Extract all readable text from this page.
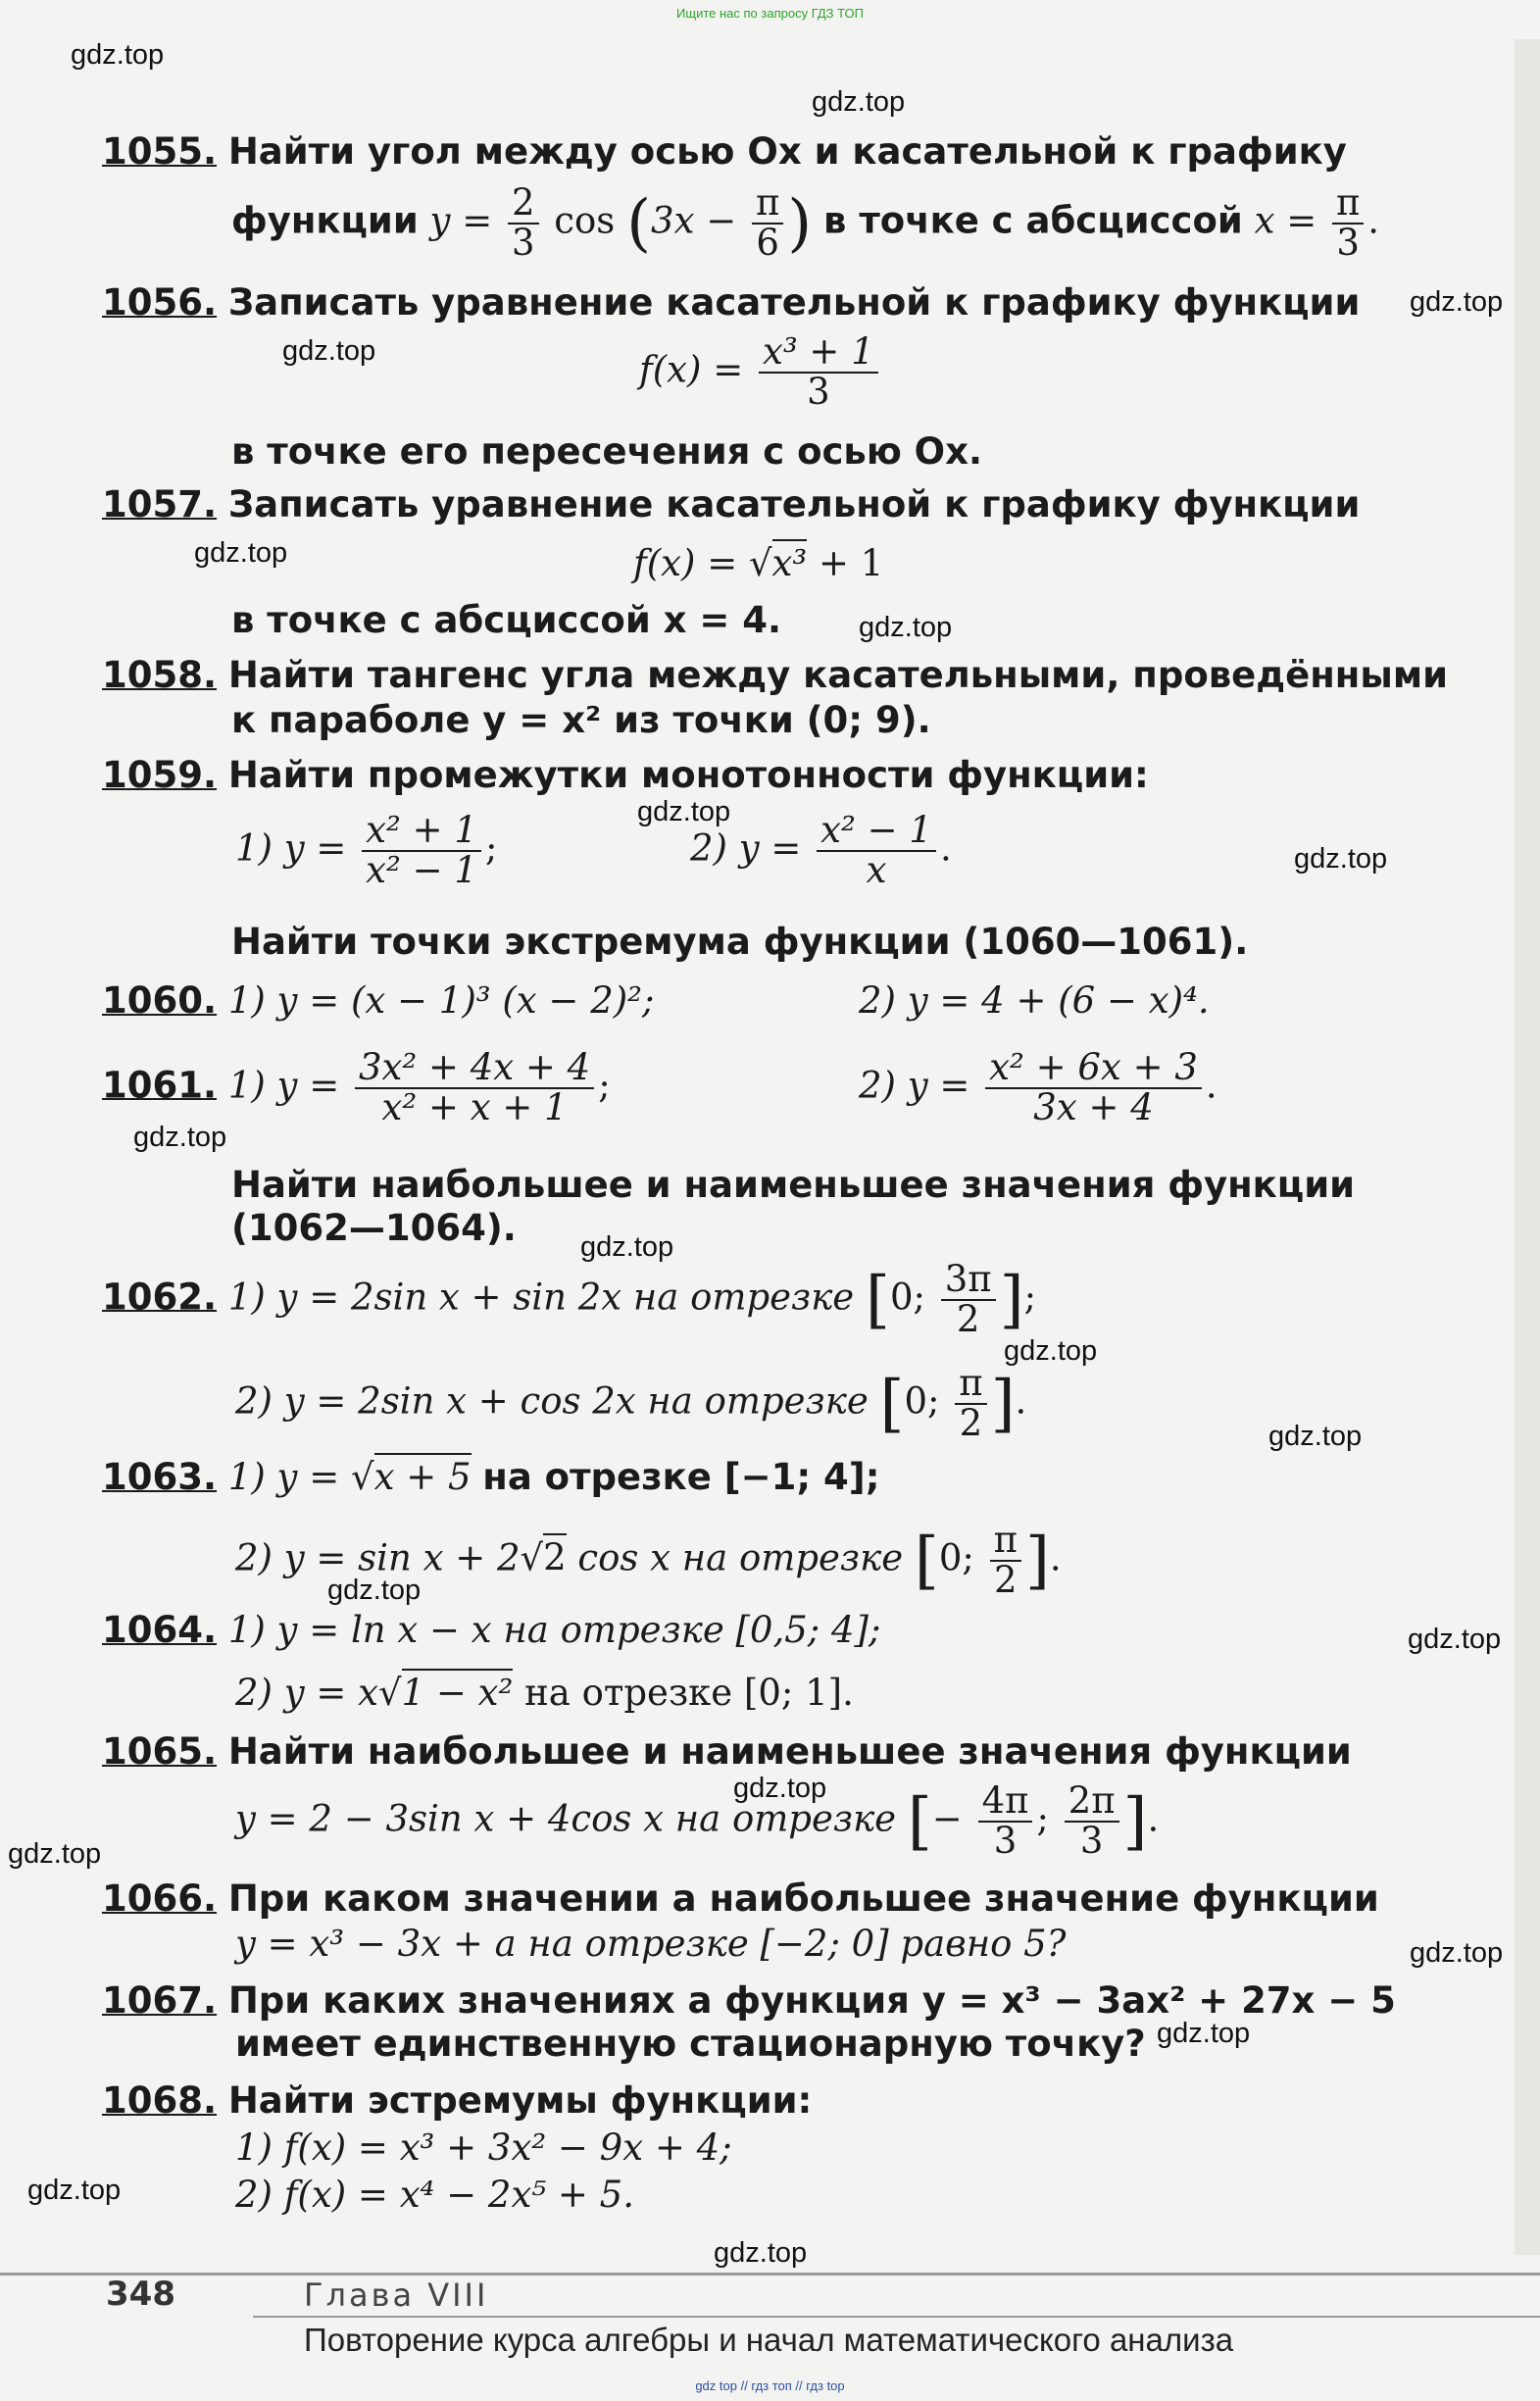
Ищите нас по запросу ГДЗ ТОП
gdz.top
gdz.top
gdz.top
gdz.top
gdz.top
gdz.top
gdz.top
gdz.top
gdz.top
gdz.top
gdz.top
gdz.top
gdz.top
gdz.top
gdz.top
gdz.top
gdz.top
gdz.top
gdz.top
gdz.top
1055. Найти угол между осью Ox и касательной к графику
функции $y = \frac{2}{3}$ $\cos (3x - \frac{\pi}{6}$ ) в точке с абсциссой $x = \frac{\pi}{3}$ .
1056. Записать уравнение касательной к графику функции
$f(x) = \frac{\text{x³ + 1}}{3}$
в точке его пересечения с осью Ox.
1057. Записать уравнение касательной к графику функции
f(x) = √x³ + 1
в точке с абсциссой x = 4.
1058. Найти тангенс угла между касательными, проведёнными
к параболе y = x² из точки (0; 9).
1059. Найти промежутки монотонности функции:
1) $y = \frac{\text{x² + 1}}{\text{x² − 1}}$ ;	2) $y = \frac{\text{x² − 1}}{x}$ .
Найти точки экстремума функции (1060—1061).
1060. 1) y = (x − 1)³ (x − 2)²;	2) y = 4 + (6 − x)⁴.
1061. 1) $y = \frac{\text{3x² + 4x + 4}}{\text{x² + x + 1}}$ ;	2) $y = \frac{\text{x² + 6x + 3}}{3x + 4}$ .
Найти наибольшее и наименьшее значения функции
(1062—1064).
1062. 1) y = 2sin x + sin 2x на отрезке [0; $\frac{3\pi}{2}$ ];
2) y = 2sin x + cos 2x на отрезке [0; $\frac{\pi}{2}$ ].
1063. 1) y = √x + 5 на отрезке [−1; 4];
2) y = sin x + 2√2 cos x на отрезке [0; $\frac{\pi}{2}$ ].
1064. 1) y = ln x − x на отрезке [0,5; 4];
2) y = x√1 − x² на отрезке [0; 1].
1065. Найти наибольшее и наименьшее значения функции
y = 2 − 3sin x + 4cos x на отрезке [− $\frac{4\pi}{3}$ ; $\frac{2\pi}{3}$ ].
1066. При каком значении a наибольшее значение функции
y = x³ − 3x + a на отрезке [−2; 0] равно 5?
1067. При каких значениях a функция y = x³ − 3ax² + 27x − 5
имеет единственную стационарную точку?
1068. Найти эстремумы функции:
1) f(x) = x³ + 3x² − 9x + 4;
2) f(x) = x⁴ − 2x⁵ + 5.
348	Глава VIII
Повторение курса алгебры и начал математического анализа
gdz top // гдз топ // гдз top
